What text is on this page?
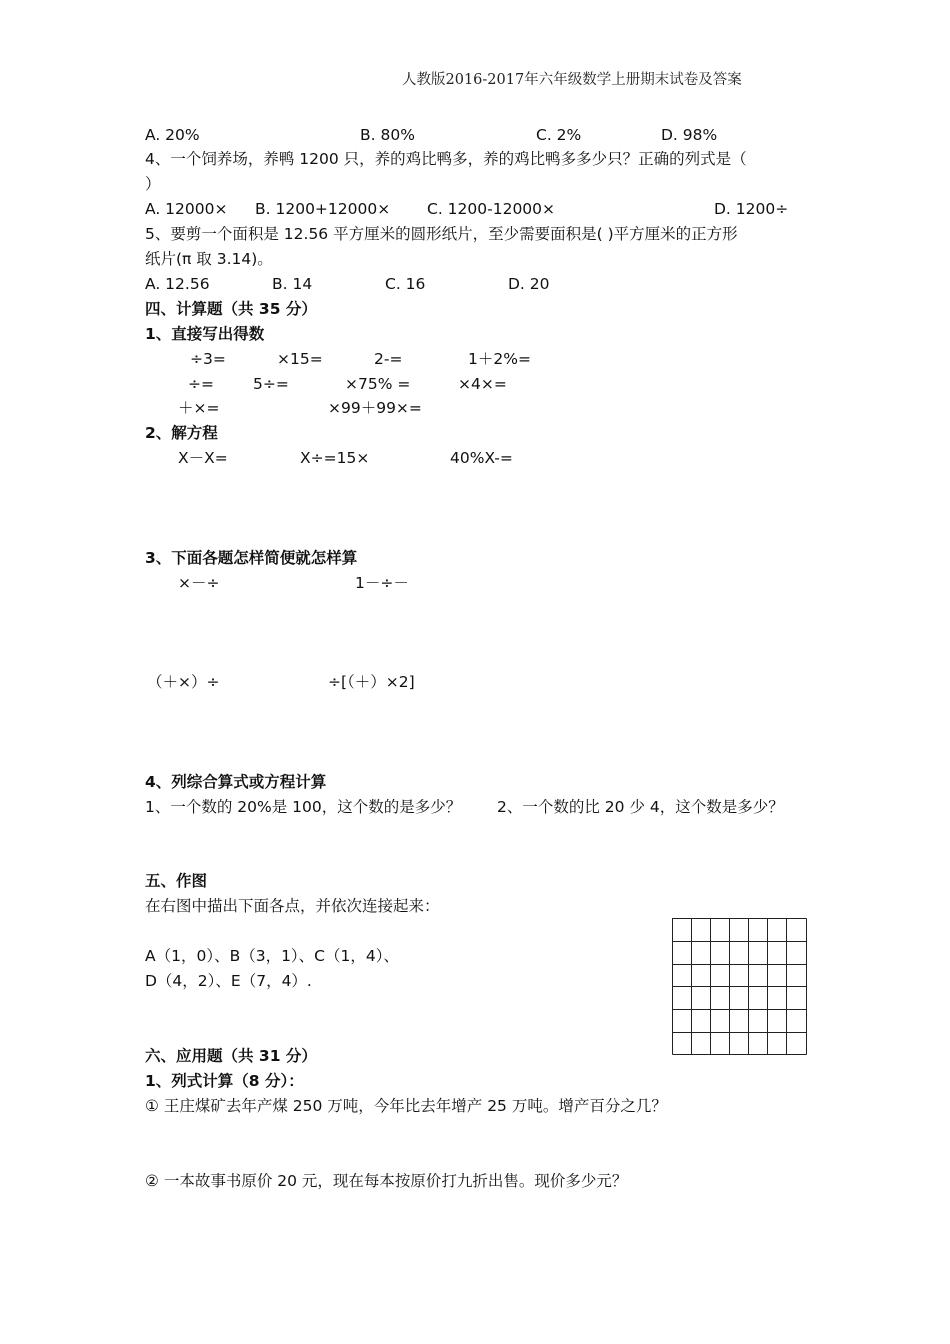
人教版2016-2017年六年级数学上册期末试卷及答案
A. 20%	B. 80%	C. 2%	D. 98%
4、一个饲养场，养鸭 1200 只，养的鸡比鸭多，养的鸡比鸭多多少只？正确的列式是（
）
A. 12000× B. 1200+12000× C. 1200-12000×	D. 1200÷
5、要剪一个面积是 12.56 平方厘米的圆形纸片，至少需要面积是( )平方厘米的正方形
纸片(π 取 3.14)。
A. 12.56	B. 14	C. 16	D. 20
四、计算题（共 35 分）
1、直接写出得数
÷3=	×15=	2-=	1＋2%=
÷=	5÷=	×75% =	×4×=
＋×=	×99＋99×=
2、解方程
X－X=	X÷=15×	40%X-=
3、下面各题怎样简便就怎样算
×－÷	1－÷－
（＋×）÷	÷[（＋）×2]
4、列综合算式或方程计算
1、一个数的 20%是 100，这个数的是多少？ 2、一个数的比 20 少 4，这个数是多少？
五、作图
在右图中描出下面各点，并依次连接起来：
A（1，0）、B（3，1）、C（1，4）、
D（4，2）、E（7，4）.
六、应用题（共 31 分）
1、列式计算（8 分）：
① 王庄煤矿去年产煤 250 万吨，今年比去年增产 25 万吨。增产百分之几？
② 一本故事书原价 20 元，现在每本按原价打九折出售。现价多少元？
